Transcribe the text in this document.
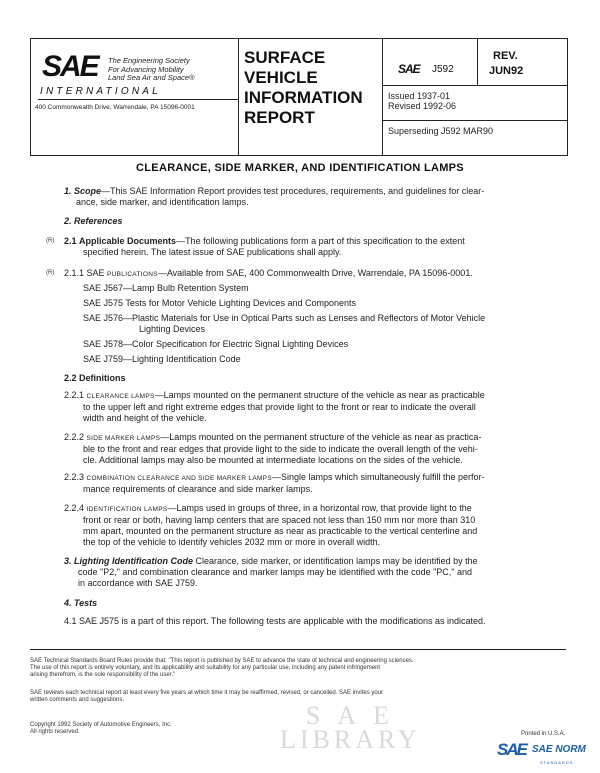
SAE The Engineering Society
For Advancing Mobility
Land Sea Air and Space®
INTERNATIONAL
400 Commonwealth Drive, Warrendale, PA 15096-0001
SURFACE
VEHICLE
INFORMATION
REPORT
SAE J592
REV.
JUN92
Issued 1937-01
Revised 1992-06
Superseding J592 MAR90
CLEARANCE, SIDE MARKER, AND IDENTIFICATION LAMPS
1. Scope—This SAE Information Report provides test procedures, requirements, and guidelines for clear-
ance, side marker, and identification lamps.
2. References
(R) 2.1 Applicable Documents—The following publications form a part of this specification to the extent
specified herein. The latest issue of SAE publications shall apply.
(R) 2.1.1 SAE PUBLICATIONS—Available from SAE, 400 Commonwealth Drive, Warrendale, PA 15096-0001.
SAE J567—Lamp Bulb Retention System
SAE J575 Tests for Motor Vehicle Lighting Devices and Components
SAE J576—Plastic Materials for Use in Optical Parts such as Lenses and Reflectors of Motor Vehicle
Lighting Devices
SAE J578—Color Specification for Electric Signal Lighting Devices
SAE J759—Lighting Identification Code
2.2 Definitions
2.2.1 CLEARANCE LAMPS—Lamps mounted on the permanent structure of the vehicle as near as practicable
to the upper left and right extreme edges that provide light to the front or rear to indicate the overall
width and height of the vehicle.
2.2.2 SIDE MARKER LAMPS—Lamps mounted on the permanent structure of the vehicle as near as practica-
ble to the front and rear edges that provide light to the side to indicate the overall length of the vehi-
cle. Additional lamps may also be mounted at intermediate locations on the sides of the vehicle.
2.2.3 COMBINATION CLEARANCE AND SIDE MARKER LAMPS—Single lamps which simultaneously fulfill the perfor-
mance requirements of clearance and side marker lamps.
2.2.4 IDENTIFICATION LAMPS—Lamps used in groups of three, in a horizontal row, that provide light to the
front or rear or both, having lamp centers that are spaced not less than 150 mm nor more than 310
mm apart, mounted on the permanent structure as near as practicable to the vertical centerline and
the top of the vehicle to identify vehicles 2032 mm or more in overall width.
3. Lighting Identification Code Clearance, side marker, or identification lamps may be identified by the
code "P2," and combination clearance and marker lamps may be identified with the code "PC," and
in accordance with SAE J759.
4. Tests
4.1 SAE J575 is a part of this report. The following tests are applicable with the modifications as indicated.
SAE Technical Standards Board Rules provide that: "This report is published by SAE to advance the state of technical and engineering sciences.
The use of this report is entirely voluntary, and its applicability and suitability for any particular use, including any patent infringement
arising therefrom, is the sole responsibility of the user."
SAE reviews each technical report at least every five years at which time it may be reaffirmed, revised, or cancelled. SAE invites your
written comments and suggestions.
Copyright 1992 Society of Automotive Engineers, Inc.
All rights reserved.
S A E
LIBRARY	Printed in U.S.A.
SAE SAE NORM
STANDARDS
